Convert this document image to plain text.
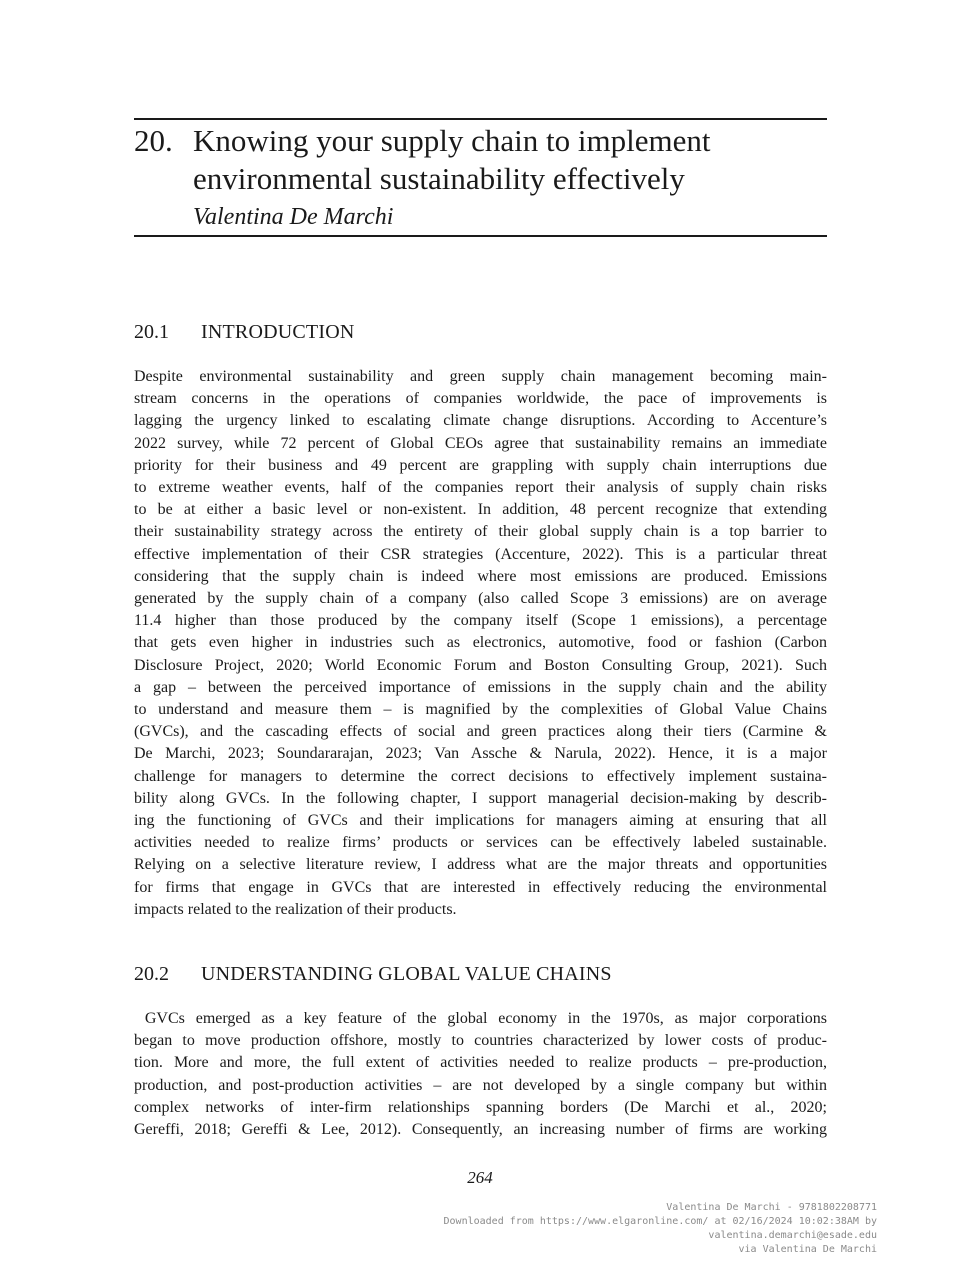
20. Knowing your supply chain to implement
environmental sustainability effectively
Valentina De Marchi
20.1 INTRODUCTION
Despite environmental sustainability and green supply chain management becoming main-
stream concerns in the operations of companies worldwide, the pace of improvements is
lagging the urgency linked to escalating climate change disruptions. According to Accenture’s
2022 survey, while 72 percent of Global CEOs agree that sustainability remains an immediate
priority for their business and 49 percent are grappling with supply chain interruptions due
to extreme weather events, half of the companies report their analysis of supply chain risks
to be at either a basic level or non-existent. In addition, 48 percent recognize that extending
their sustainability strategy across the entirety of their global supply chain is a top barrier to
effective implementation of their CSR strategies (Accenture, 2022). This is a particular threat
considering that the supply chain is indeed where most emissions are produced. Emissions
generated by the supply chain of a company (also called Scope 3 emissions) are on average
11.4 higher than those produced by the company itself (Scope 1 emissions), a percentage
that gets even higher in industries such as electronics, automotive, food or fashion (Carbon
Disclosure Project, 2020; World Economic Forum and Boston Consulting Group, 2021). Such
a gap – between the perceived importance of emissions in the supply chain and the ability
to understand and measure them – is magnified by the complexities of Global Value Chains
(GVCs), and the cascading effects of social and green practices along their tiers (Carmine &
De Marchi, 2023; Soundararajan, 2023; Van Assche & Narula, 2022). Hence, it is a major
challenge for managers to determine the correct decisions to effectively implement sustaina-
bility along GVCs. In the following chapter, I support managerial decision-making by describ-
ing the functioning of GVCs and their implications for managers aiming at ensuring that all
activities needed to realize firms’ products or services can be effectively labeled sustainable.
Relying on a selective literature review, I address what are the major threats and opportunities
for firms that engage in GVCs that are interested in effectively reducing the environmental
impacts related to the realization of their products.
20.2 UNDERSTANDING GLOBAL VALUE CHAINS
GVCs emerged as a key feature of the global economy in the 1970s, as major corporations
began to move production offshore, mostly to countries characterized by lower costs of produc-
tion. More and more, the full extent of activities needed to realize products – pre-production,
production, and post-production activities – are not developed by a single company but within
complex networks of inter-firm relationships spanning borders (De Marchi et al., 2020;
Gereffi, 2018; Gereffi & Lee, 2012). Consequently, an increasing number of firms are working
264
Valentina De Marchi - 9781802208771
Downloaded from https://www.elgaronline.com/ at 02/16/2024 10:02:38AM by
valentina.demarchi@esade.edu
via Valentina De Marchi
